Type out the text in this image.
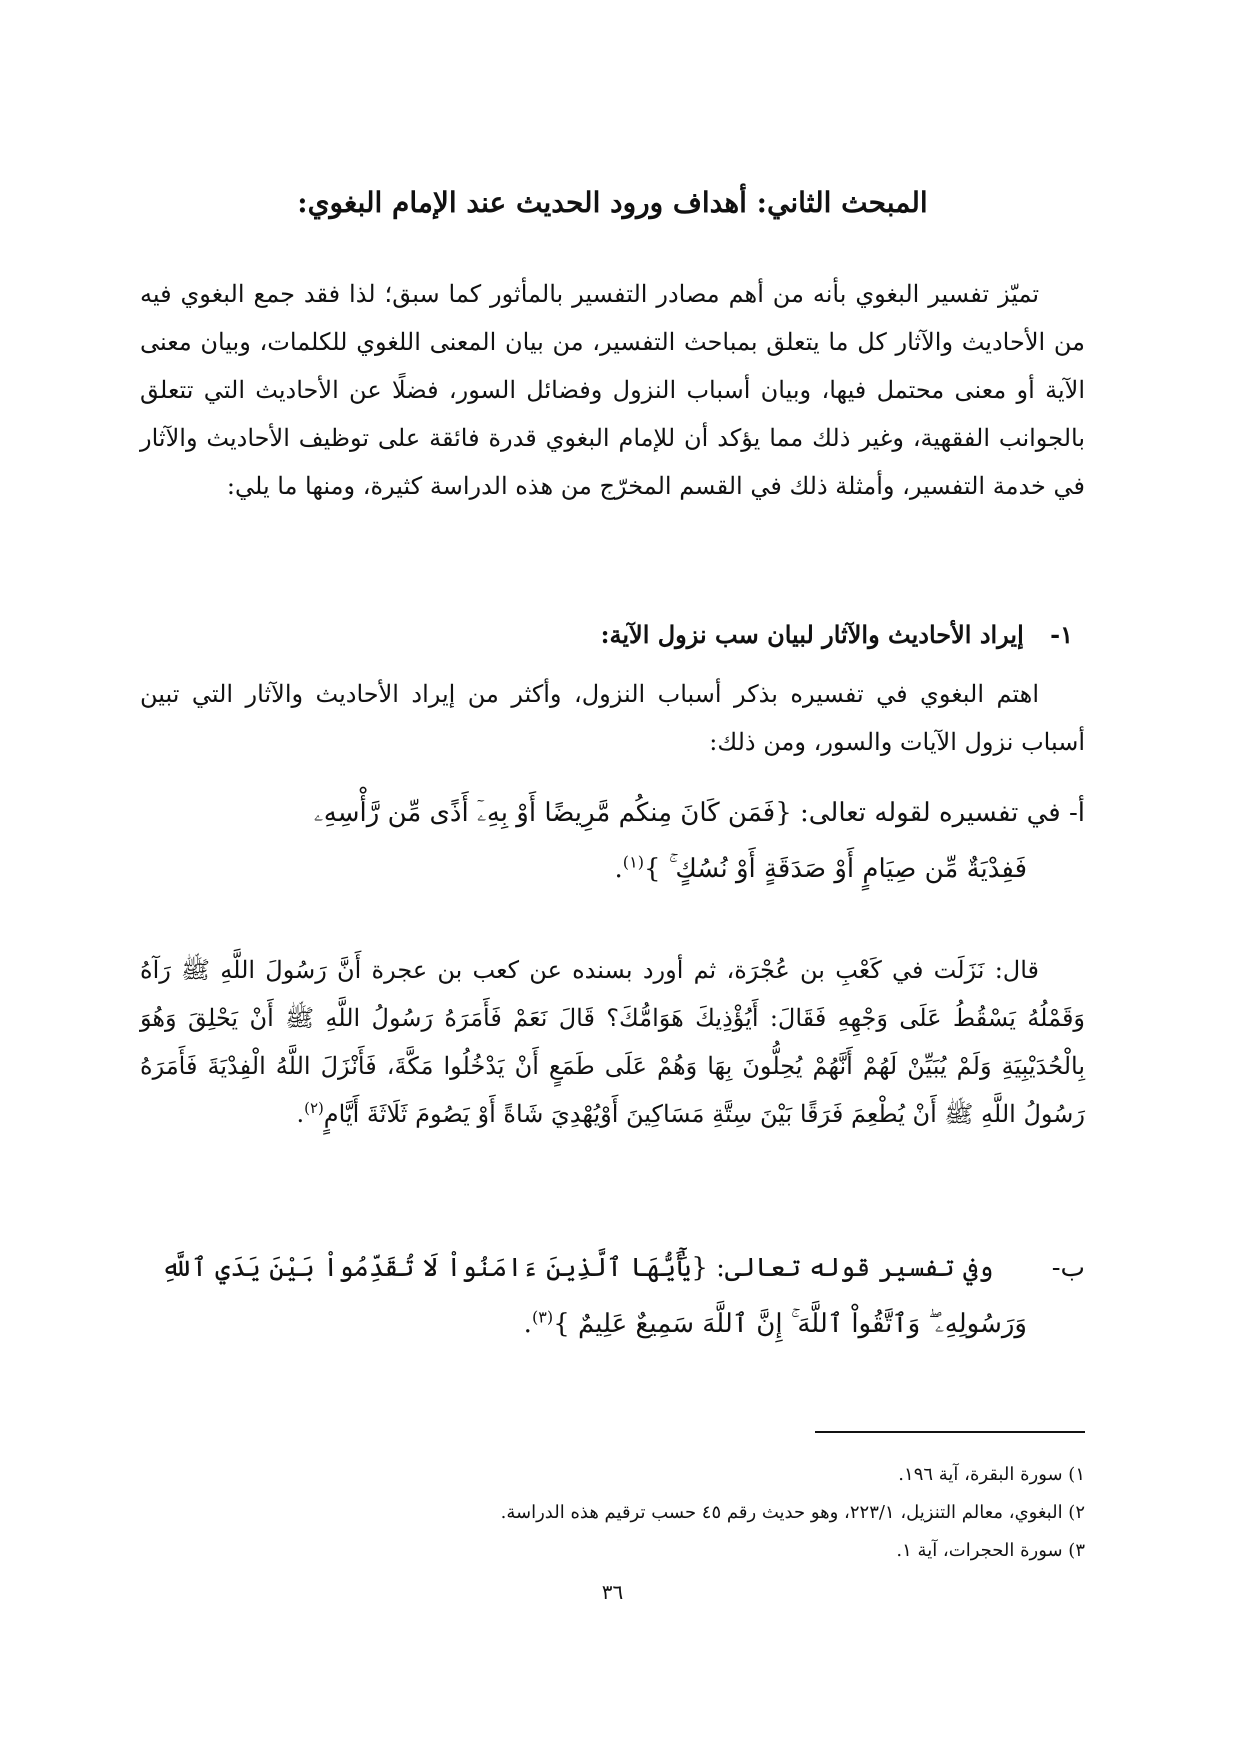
المبحث الثاني: أهداف ورود الحديث عند الإمام البغوي:

تميّز تفسير البغوي بأنه من أهم مصادر التفسير بالمأثور كما سبق؛ لذا فقد جمع البغوي فيه من الأحاديث والآثار كل ما يتعلق بمباحث التفسير، من بيان المعنى اللغوي للكلمات، وبيان معنى الآية أو معنى محتمل فيها، وبيان أسباب النزول وفضائل السور، فضلًا عن الأحاديث التي تتعلق بالجوانب الفقهية، وغير ذلك مما يؤكد أن للإمام البغوي قدرة فائقة على توظيف الأحاديث والآثار في خدمة التفسير، وأمثلة ذلك في القسم المخرّج من هذه الدراسة كثيرة، ومنها ما يلي:

١- إيراد الأحاديث والآثار لبيان سب نزول الآية:

اهتم البغوي في تفسيره بذكر أسباب النزول، وأكثر من إيراد الأحاديث والآثار التي تبين أسباب نزول الآيات والسور، ومن ذلك:

أ- في تفسيره لقوله تعالى: {فَمَن كَانَ مِنكُم مَّرِيضًا أَوْ بِهِۦٓ أَذًى مِّن رَّأْسِهِۦ
فَفِدْيَةٌ مِّن صِيَامٍ أَوْ صَدَقَةٍ أَوْ نُسُكٍ ۚ }$^{(١)}$.

قال: نَزَلَت في كَعْبِ بن عُجْرَة، ثم أورد بسنده عن كعب بن عجرة أَنَّ رَسُولَ اللَّهِ ﷺ رَآهُ وَقَمْلُهُ يَسْقُطُ عَلَى وَجْهِهِ فَقَالَ: أَيُؤْذِيكَ هَوَامُّكَ؟ قَالَ نَعَمْ فَأَمَرَهُ رَسُولُ اللَّهِ ﷺ أَنْ يَحْلِقَ وَهُوَ بِالْحُدَيْبِيَةِ وَلَمْ يُبَيِّنْ لَهُمْ أَنَّهُمْ يُحِلُّونَ بِهَا وَهُمْ عَلَى طَمَعٍ أَنْ يَدْخُلُوا مَكَّةَ، فَأَنْزَلَ اللَّهُ الْفِدْيَةَ فَأَمَرَهُ رَسُولُ اللَّهِ ﷺ أَنْ يُطْعِمَ فَرَقًا بَيْنَ سِتَّةِ مَسَاكِينَ أَوْيُهْدِيَ شَاةً أَوْ يَصُومَ ثَلَاثَةَ أَيَّامٍ$^{(٢)}$.

ب- وفي تفسير قوله تعالى: {يَٰٓأَيُّهَا ٱلَّذِينَ ءَامَنُواْ لَا تُقَدِّمُواْ بَيْنَ يَدَيِ ٱللَّهِ
وَرَسُولِهِۦ ۖ وَٱتَّقُواْ ٱللَّهَ ۚ إِنَّ ٱللَّهَ سَمِيعٌ عَلِيمٌ }$^{(٣)}$.

١) سورة البقرة، آية ١٩٦.
٢) البغوي، معالم التنزيل، ٢٢٣/١، وهو حديث رقم ٤٥ حسب ترقيم هذه الدراسة.
٣) سورة الحجرات، آية ١.
٣٦
